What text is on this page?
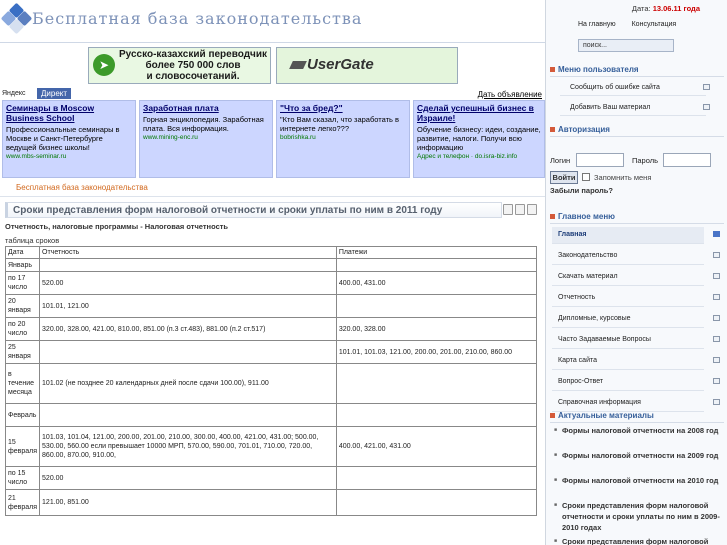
Бесплатная база законодательства
➤
Русско-казахский переводчик
более 750 000 слов
и словосочетаний.
UserGate
Яндекс	Директ	Дать объявление
Семинары в Moscow Business School
Профессиональные семинары в Москве и Санкт-Петербурге ведущей бизнес школы!
www.mbs-seminar.ru
Заработная плата
Горная энциклопедия. Заработная плата. Вся информация.
www.mining-enc.ru
"Что за бред?"
"Кто Вам сказал, что заработать в интернете легко???
bobrishka.ru
Сделай успешный бизнес в Израиле!
Обучение бизнесу: идеи, создание, развитие, налоги. Получи всю информацию
Адрес и телефон · do.isra-biz.info
Бесплатная база законодательства
Сроки представления форм налоговой отчетности и сроки уплаты по ним в 2011 году
Отчетность, налоговые программы - Налоговая отчетность
таблица сроков
Дата	Отчетность	Платежи
Январь		
по 17 число	520.00	400.00, 431.00
20 января	101.01, 121.00	
по 20 число	320.00, 328.00, 421.00, 810.00, 851.00 (п.3 ст.483), 881.00 (п.2 ст.517)	320.00, 328.00
25 января		101.01, 101.03, 121.00, 200.00, 201.00, 210.00, 860.00
в течение месяца	101.02 (не позднее 20 календарных дней после сдачи 100.00), 911.00	
Февраль		
15 февраля	101.03, 101.04, 121.00, 200.00, 201.00, 210.00, 300.00, 400.00, 421.00, 431.00; 500.00, 530.00, 560.00 если превышает 10000 МРП, 570.00, 590.00, 701.01, 710.00, 720.00, 860.00, 870.00, 910.00,	400.00, 421.00, 431.00
по 15 число	520.00	
21 февраля	121.00, 851.00	
Дата: 13.06.11 года
На главную Консультация
поиск...
Меню пользователя
Сообщить об ошибке сайта
Добавить Ваш материал
Авторизация
Логин	Пароль
Войти	Запомнить меня
Забыли пароль?
Главное меню
Главная
Законодательство
Скачать материал
Отчетность
Дипломные, курсовые
Часто Задаваемые Вопросы
Карта сайта
Вопрос-Ответ
Справочная информация
Актуальные материалы
■ Формы налоговой отчетности на 2008 год
■ Формы налоговой отчетности на 2009 год
■ Формы налоговой отчетности на 2010 год
■ Сроки представления форм налоговой отчетности и сроки уплаты по ним в 2009-2010 годах
■ Сроки представления форм налоговой
